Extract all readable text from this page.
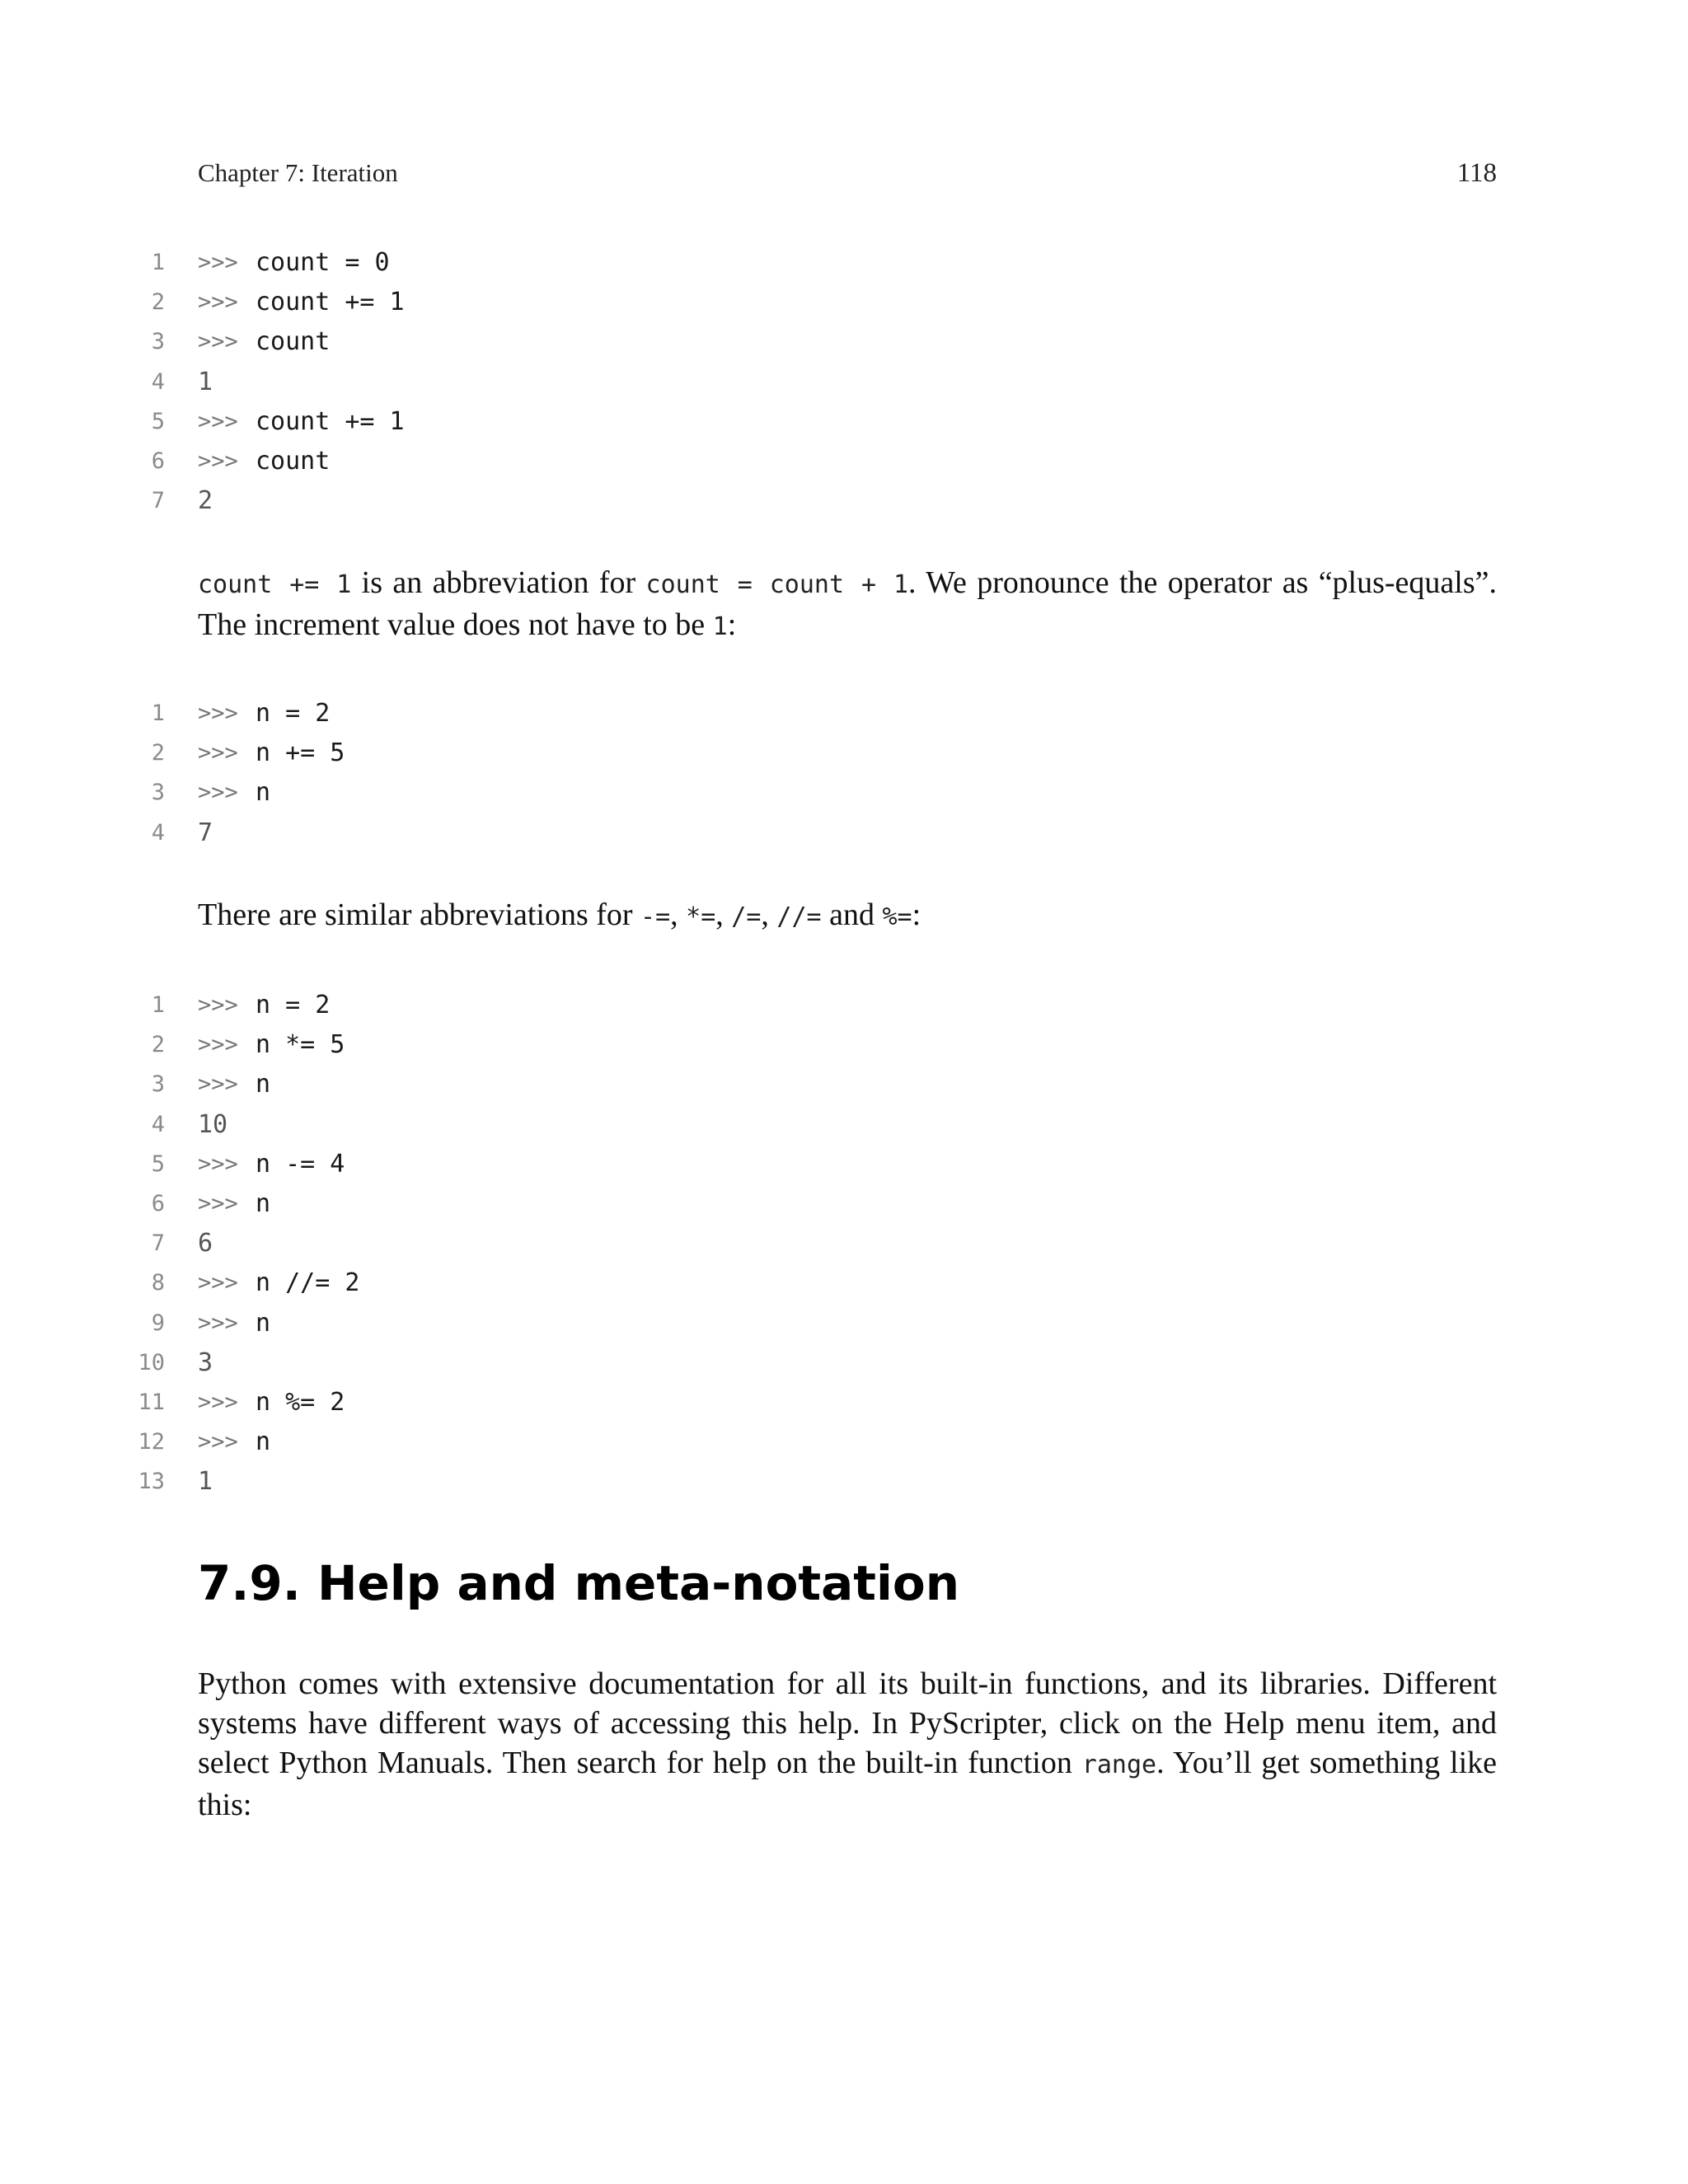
Chapter 7: Iteration	118
1 >>> count = 0
2 >>> count += 1
3 >>> count
4 1
5 >>> count += 1
6 >>> count
7 2

count += 1 is an abbreviation for count = count + 1. We pronounce the operator as “plus-equals”. The increment value does not have to be 1:

1 >>> n = 2
2 >>> n += 5
3 >>> n
4 7

There are similar abbreviations for -=, *=, /=, //= and %=:

1 >>> n = 2
2 >>> n *= 5
3 >>> n
4 10
5 >>> n -= 4
6 >>> n
7 6
8 >>> n //= 2
9 >>> n
10 3
11 >>> n %= 2
12 >>> n
13 1
7.9. Help and meta-notation

Python comes with extensive documentation for all its built-in functions, and its libraries. Different systems have different ways of accessing this help. In PyScripter, click on the Help menu item, and select Python Manuals. Then search for help on the built-in function range. You’ll get something like this:
